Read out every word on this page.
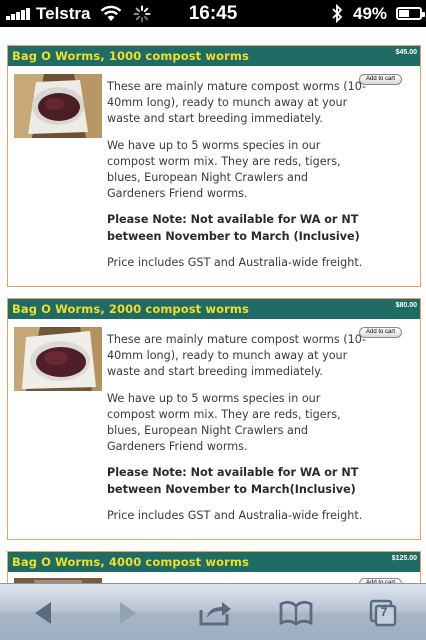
Telstra	16:45	49%
Bag O Worms, 1000 compost worms	$45.00
Add to cart

These are mainly mature compost worms (10-40mm long), ready to munch away at your waste and start breeding immediately.

We have up to 5 worms species in our compost worm mix. They are reds, tigers, blues, European Night Crawlers and Gardeners Friend worms.

Please Note: Not available for WA or NT between November to March (Inclusive)

Price includes GST and Australia-wide freight.

Bag O Worms, 2000 compost worms	$80.00
Add to cart

These are mainly mature compost worms (10-40mm long), ready to munch away at your waste and start breeding immediately.

We have up to 5 worms species in our compost worm mix. They are reds, tigers, blues, European Night Crawlers and Gardeners Friend worms.

Please Note: Not available for WA or NT between November to March(Inclusive)

Price includes GST and Australia-wide freight.

Bag O Worms, 4000 compost worms	$125.00
Add to cart
7
